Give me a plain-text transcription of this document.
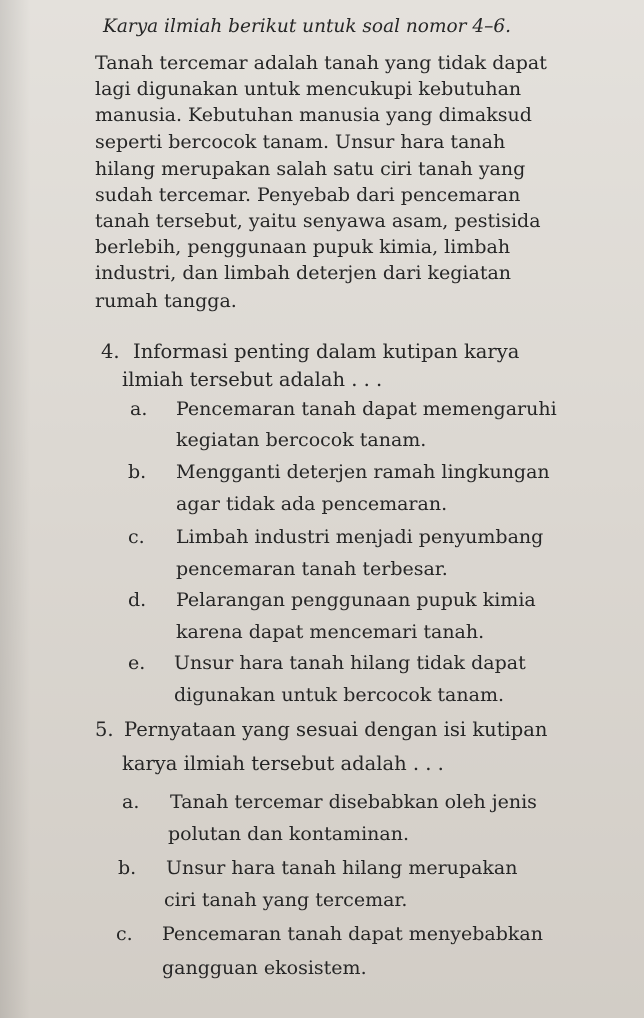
Karya ilmiah berikut untuk soal nomor 4–6.
Tanah tercemar adalah tanah yang tidak dapat
lagi digunakan untuk mencukupi kebutuhan
manusia. Kebutuhan manusia yang dimaksud
seperti bercocok tanam. Unsur hara tanah
hilang merupakan salah satu ciri tanah yang
sudah tercemar. Penyebab dari pencemaran
tanah tersebut, yaitu senyawa asam, pestisida
berlebih, penggunaan pupuk kimia, limbah
industri, dan limbah deterjen dari kegiatan
rumah tangga.
4. Informasi penting dalam kutipan karya
ilmiah tersebut adalah . . .
a. Pencemaran tanah dapat memengaruhi
kegiatan bercocok tanam.
b. Mengganti deterjen ramah lingkungan
agar tidak ada pencemaran.
c. Limbah industri menjadi penyumbang
pencemaran tanah terbesar.
d. Pelarangan penggunaan pupuk kimia
karena dapat mencemari tanah.
e. Unsur hara tanah hilang tidak dapat
digunakan untuk bercocok tanam.
5. Pernyataan yang sesuai dengan isi kutipan
karya ilmiah tersebut adalah . . .
a. Tanah tercemar disebabkan oleh jenis
polutan dan kontaminan.
b. Unsur hara tanah hilang merupakan
ciri tanah yang tercemar.
c. Pencemaran tanah dapat menyebabkan
gangguan ekosistem.
